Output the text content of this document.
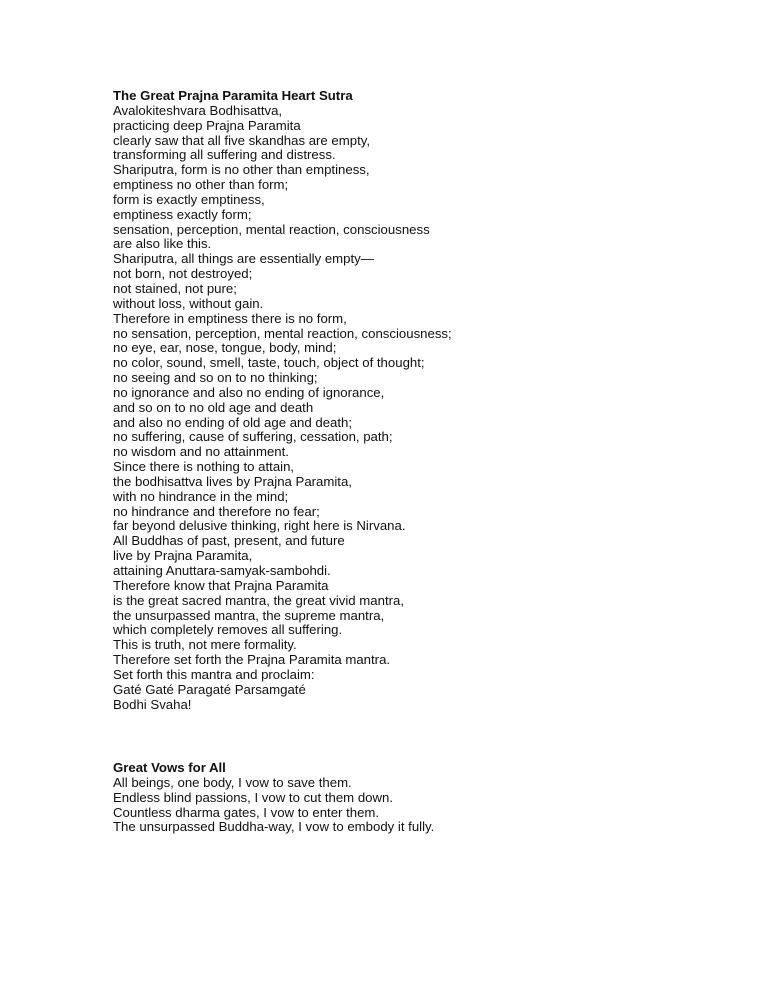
The Great Prajna Paramita Heart Sutra
Avalokiteshvara Bodhisattva,
practicing deep Prajna Paramita
clearly saw that all five skandhas are empty,
transforming all suffering and distress.
Shariputra, form is no other than emptiness,
emptiness no other than form;
form is exactly emptiness,
emptiness exactly form;
sensation, perception, mental reaction, consciousness
are also like this.
Shariputra, all things are essentially empty—
not born, not destroyed;
not stained, not pure;
without loss, without gain.
Therefore in emptiness there is no form,
no sensation, perception, mental reaction, consciousness;
no eye, ear, nose, tongue, body, mind;
no color, sound, smell, taste, touch, object of thought;
no seeing and so on to no thinking;
no ignorance and also no ending of ignorance,
and so on to no old age and death
and also no ending of old age and death;
no suffering, cause of suffering, cessation, path;
no wisdom and no attainment.
Since there is nothing to attain,
the bodhisattva lives by Prajna Paramita,
with no hindrance in the mind;
no hindrance and therefore no fear;
far beyond delusive thinking, right here is Nirvana.
All Buddhas of past, present, and future
live by Prajna Paramita,
attaining Anuttara-samyak-sambohdi.
Therefore know that Prajna Paramita
is the great sacred mantra, the great vivid mantra,
the unsurpassed mantra, the supreme mantra,
which completely removes all suffering.
This is truth, not mere formality.
Therefore set forth the Prajna Paramita mantra.
Set forth this mantra and proclaim:
Gaté Gaté Paragaté Parsamgaté
Bodhi Svaha!
Great Vows for All
All beings, one body, I vow to save them.
Endless blind passions, I vow to cut them down.
Countless dharma gates, I vow to enter them.
The unsurpassed Buddha-way, I vow to embody it fully.
